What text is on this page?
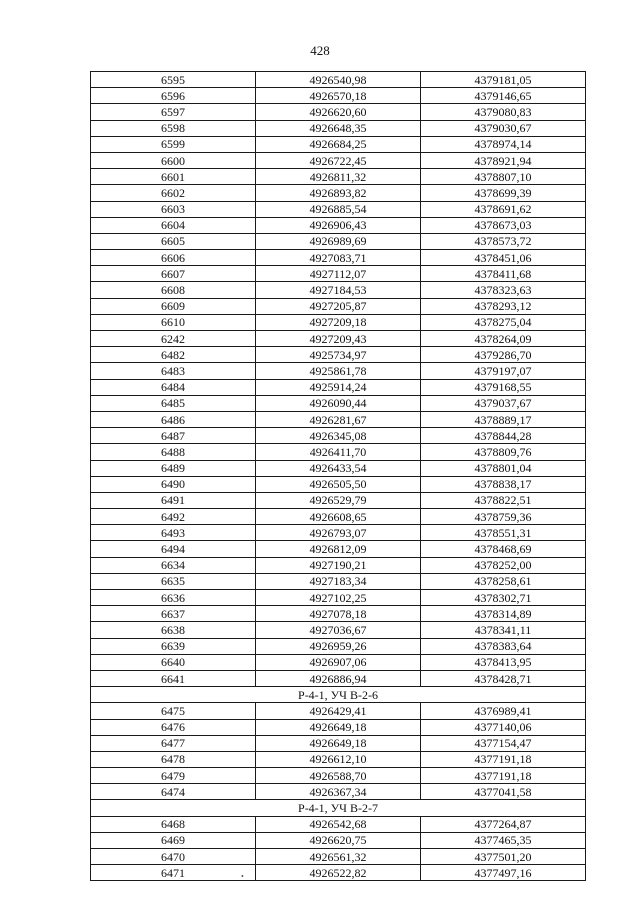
428
6595	4926540,98	4379181,05
6596	4926570,18	4379146,65
6597	4926620,60	4379080,83
6598	4926648,35	4379030,67
6599	4926684,25	4378974,14
6600	4926722,45	4378921,94
6601	4926811,32	4378807,10
6602	4926893,82	4378699,39
6603	4926885,54	4378691,62
6604	4926906,43	4378673,03
6605	4926989,69	4378573,72
6606	4927083,71	4378451,06
6607	4927112,07	4378411,68
6608	4927184,53	4378323,63
6609	4927205,87	4378293,12
6610	4927209,18	4378275,04
6242	4927209,43	4378264,09
6482	4925734,97	4379286,70
6483	4925861,78	4379197,07
6484	4925914,24	4379168,55
6485	4926090,44	4379037,67
6486	4926281,67	4378889,17
6487	4926345,08	4378844,28
6488	4926411,70	4378809,76
6489	4926433,54	4378801,04
6490	4926505,50	4378838,17
6491	4926529,79	4378822,51
6492	4926608,65	4378759,36
6493	4926793,07	4378551,31
6494	4926812,09	4378468,69
6634	4927190,21	4378252,00
6635	4927183,34	4378258,61
6636	4927102,25	4378302,71
6637	4927078,18	4378314,89
6638	4927036,67	4378341,11
6639	4926959,26	4378383,64
6640	4926907,06	4378413,95
6641	4926886,94	4378428,71
Р-4-1, УЧ В-2-6		
6475	4926429,41	4376989,41
6476	4926649,18	4377140,06
6477	4926649,18	4377154,47
6478	4926612,10	4377191,18
6479	4926588,70	4377191,18
6474	4926367,34	4377041,58
Р-4-1, УЧ В-2-7		
6468	4926542,68	4377264,87
6469	4926620,75	4377465,35
6470	4926561,32	4377501,20
6471	4926522,82	4377497,16
•
